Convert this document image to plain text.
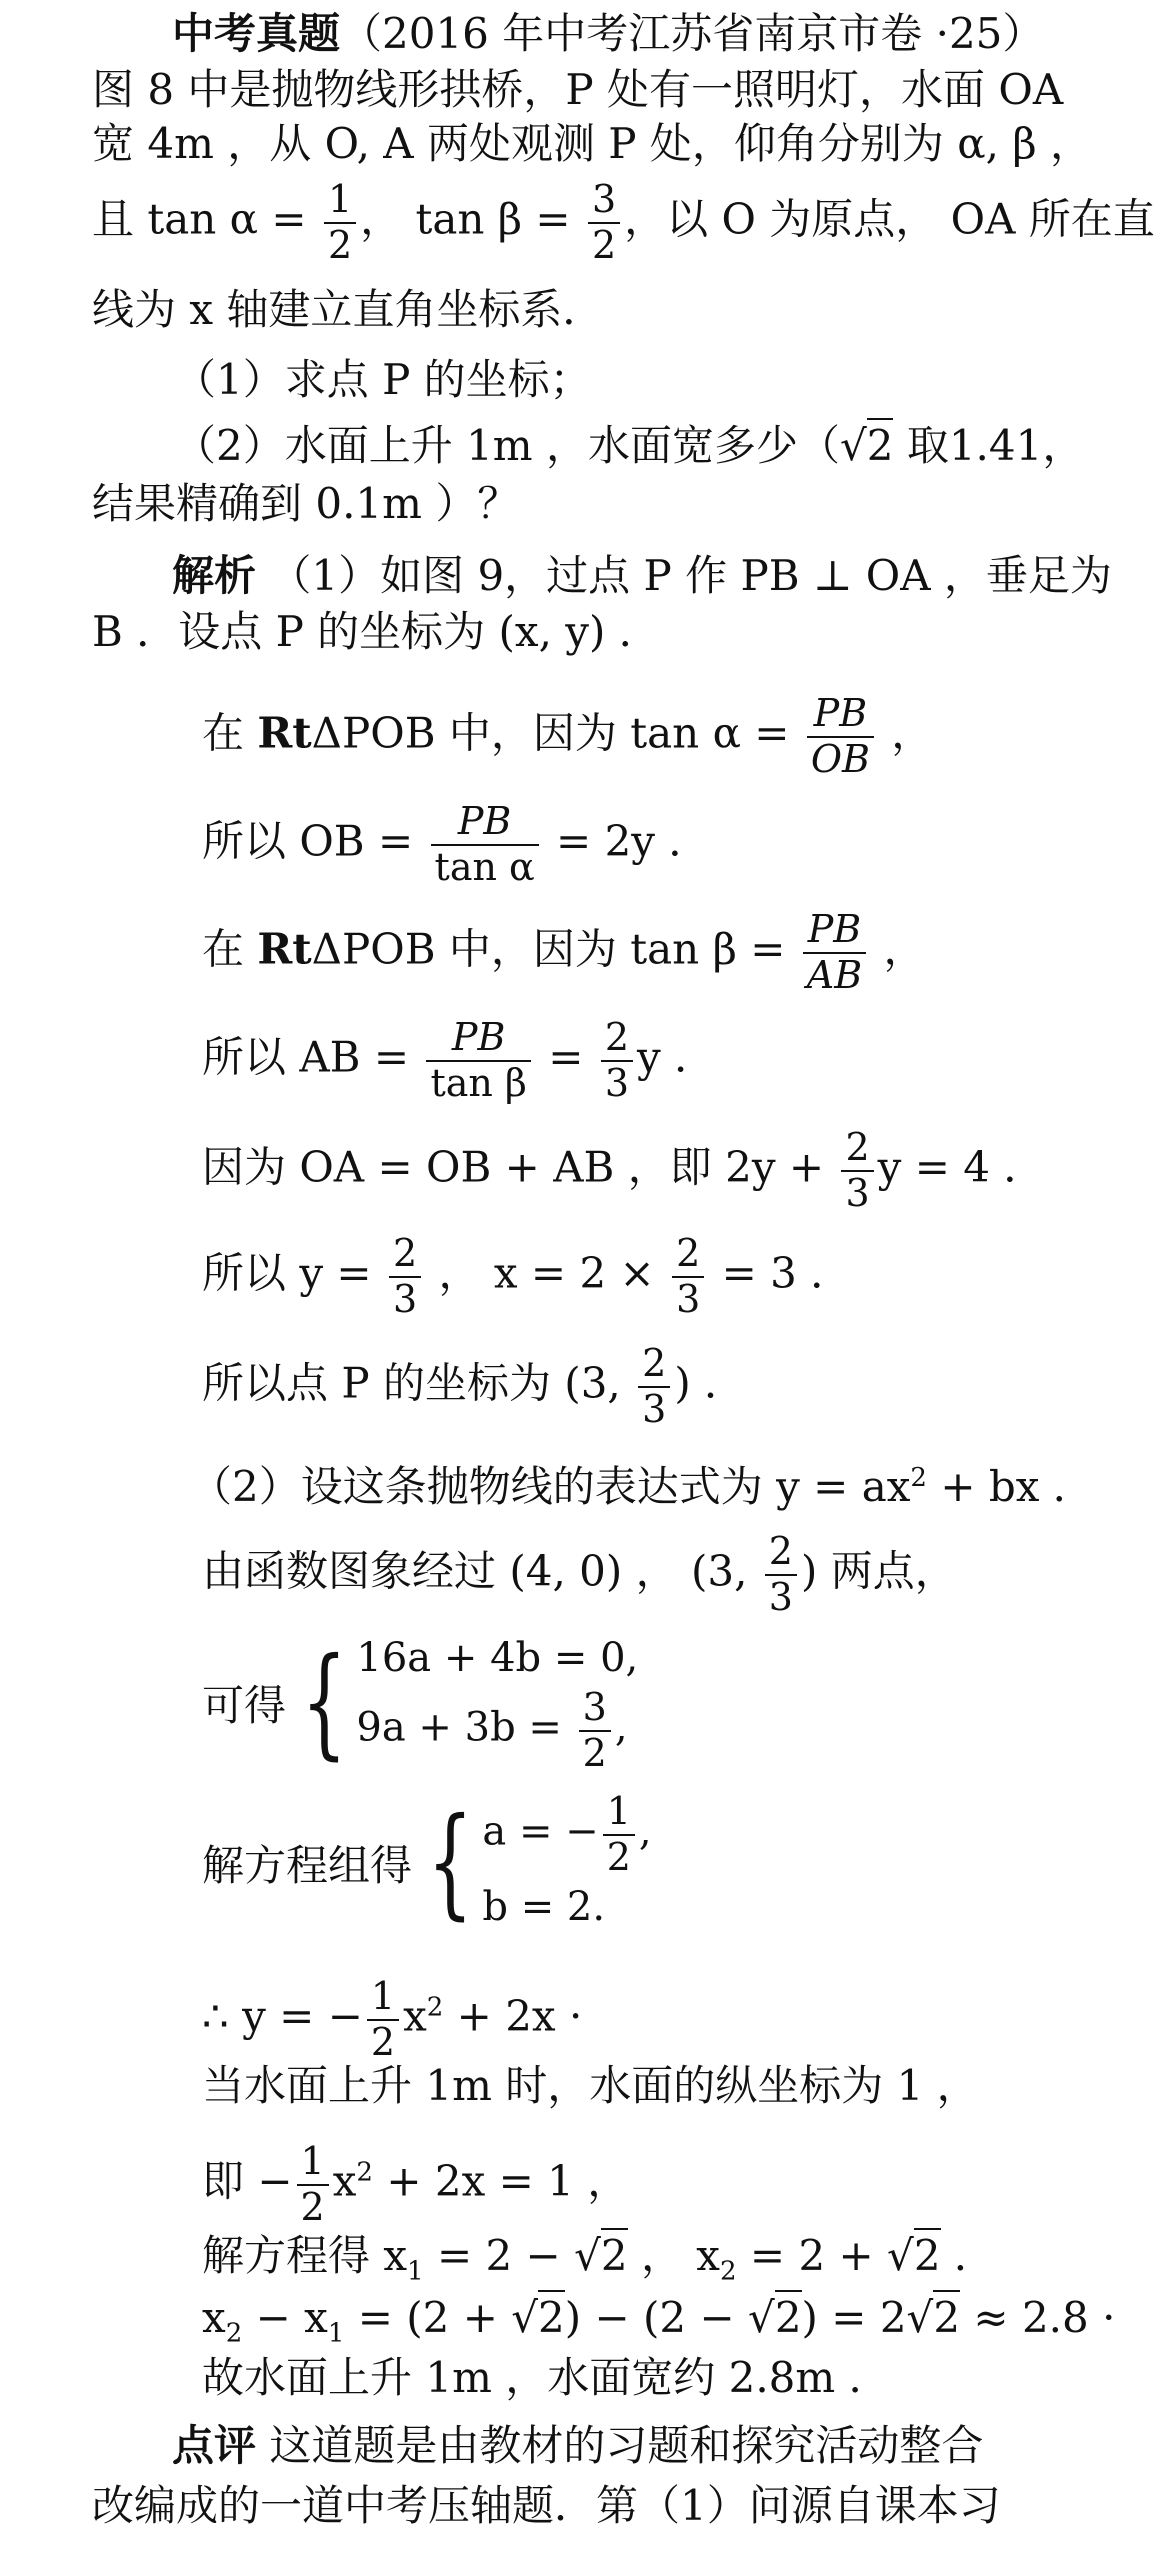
中考真题（2016 年中考江苏省南京市卷 ·25）
图 8 中是抛物线形拱桥，P 处有一照明灯，水面 OA
宽 4m ，从 O, A 两处观测 P 处，仰角分别为 α, β ，
且 $\tan \alpha = \frac{1}{2}$ ， $\tan \beta = \frac{3}{2}$ ，以 O 为原点， OA 所在直
线为 x 轴建立直角坐标系．
（1）求点 P 的坐标；
（2）水面上升 1m ，水面宽多少（√2 取1.41，
结果精确到 0.1m ）？
解析 （1）如图 9，过点 P 作 PB ⊥ OA ，垂足为
B ．设点 P 的坐标为 (x, y) ．
在 RtΔPOB 中，因为 $\tan \alpha = \frac{PB}{OB}$ ，
所以 OB = $\frac{PB}{\text{tan α}} = 2y$ ．
在 RtΔPOB 中，因为 $\tan \beta = \frac{PB}{AB}$ ，
所以 AB = $\frac{PB}{\text{tan β}} = \frac{2}{3}$ y ．
因为 OA = OB + AB ，即 $2y + \frac{2}{3}$ y = 4 ．
所以 $y = \frac{2}{3}$ ， $x = 2 \times \frac{2}{3} = 3$ ．
所以点 P 的坐标为 (3, $\frac{2}{3}$ ) ．
（2）设这条抛物线的表达式为 $y = ax^2$ + bx ．
由函数图象经过 (4, 0) ， (3, $\frac{2}{3}$ ) 两点，
可得 { 16a + 4b = 0,
$9a + 3b = \frac{3}{2}$ ,
解方程组得 { a = − $\frac{1}{2}$ ,
b = 2.
∴ y = − $\frac{1}{2} x^2 + 2x$ ·
当水面上升 1m 时，水面的纵坐标为 1 ，
即 − $\frac{1}{2} x^2 + 2x = 1$ ，
解方程得 $x_1 = 2 - √2$ ， $x_2 = 2 + √2$ ．
$x_2 - x_1 = (2 + √2) - (2 - √2) = 2√2 \approx 2.8$ ·
故水面上升 1m ，水面宽约 2.8m ．
点评 这道题是由教材的习题和探究活动整合
改编成的一道中考压轴题．第（1）问源自课本习
